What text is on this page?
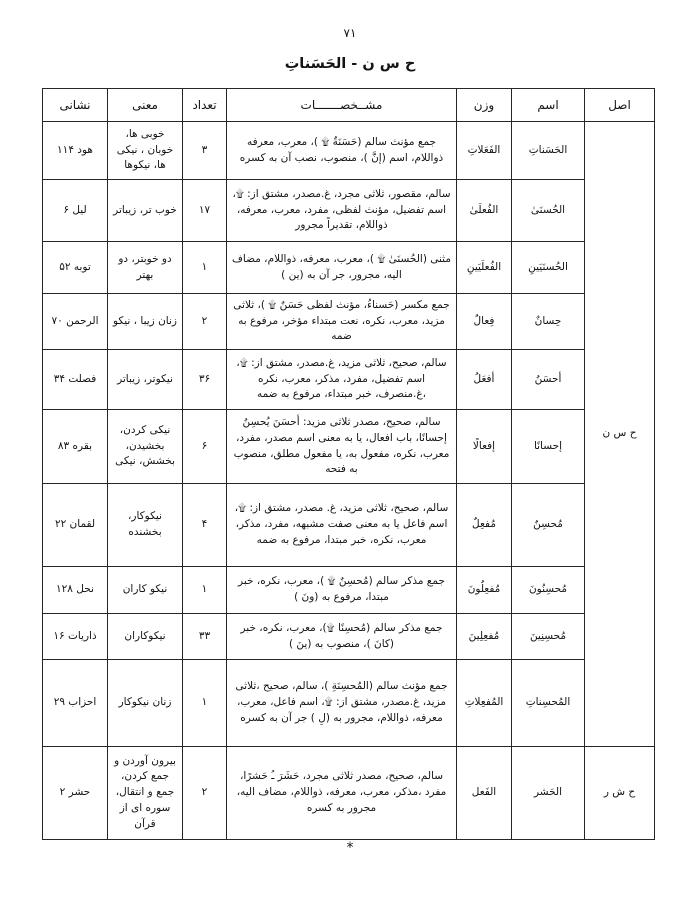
۷۱
ح س ن - الحَسَناتِ
اصل	اسم	وزن	مشــخصـــــــات	تعداد	معنى	نشانى
ح س ن	الحَسَناتِ	الفَعَلاتِ	جمع مؤنث سالم (حَسَنَةٌ ۩ )، معرب، معرفه ذواللام، اسم (إنَّ )، منصوب، نصب آن به كسره	۳	خوبى ها، خوبان ، نيكى ها، نيكوها	هود ۱۱۴
	الحُسنَىٰ	الفُعلَىٰ	سالم، مقصور، ثلاثى مجرد، غ.مصدر، مشتق از: ۩، اسم تفضيل، مؤنث لفظى، مفرد، معرب، معرفه، ذواللام، تقديراً مجرور	۱۷	خوب تر، زيباتر	ليل ۶
	الحُسنَيَينِ	الفُعلَيَينِ	مثنى (الحُسنَىٰ ۩ )، معرب، معرفه، ذواللام، مضاف اليه، مجرور، جر آن به (ين )	۱	دو خوبتر، دو بهتر	توبه ۵۲
	حِسانٌ	فِعالٌ	جمع مكسر (حَسناءُ، مؤنث لفظى حَسَنٌ ۩ )، ثلاثى مزيد، معرب، نكره، نعت مبتداء مؤخر، مرفوع به ضمه	۲	زنان زيبا ، نيكو	الرحمن ۷۰
	أحسَنُ	أفعَلُ	سالم، صحيح، ثلاثى مزيد، غ.مصدر، مشتق از: ۩، اسم تفضيل، مفرد، مذكر، معرب، نكره ،غ.منصرف، خبر مبتداء، مرفوع به ضمه	۳۶	نيكوتر، زيباتر	فصلت ۳۴
	إحسانًا	إفعالًا	سالم، صحيح، مصدر ثلاثى مزيد: أحسَنَ يُحسِنُ إحسانًا، باب افعال، يا به معنى اسم مصدر، مفرد، معرب، نكره، مفعول به، يا مفعول مطلق، منصوب به فتحه	۶	نيكى كردن، بخشيدن، بخشش، نيكى	بقره ۸۳
	مُحسِنٌ	مُفعِلٌ	سالم، صحيح، ثلاثى مزيد، غ. مصدر، مشتق از: ۩، اسم فاعل يا به معنى صفت مشبهه، مفرد، مذكر، معرب، نكره، خبر مبتدا، مرفوع به ضمه	۴	نيكوكار، بخشنده	لقمان ۲۲
	مُحسِنُونَ	مُفعِلُونَ	جمع مذكر سالم (مُحسِنٌ ۩ )، معرب، نكره، خبر مبتدا، مرفوع به (ونَ )	۱	نيكو كاران	نحل ۱۲۸
	مُحسِنِينَ	مُفعِلِينَ	جمع مذكر سالم (مُحسِنًا ۩)، معرب، نكره، خبر (كانَ )، منصوب به (ينَ )	۳۳	نيكوكاران	ذاريات ۱۶
	المُحسِناتِ	المُفعِلاتِ	جمع مؤنث سالم (المُحسِنَةِ )، سالم، صحيح ،ثلاثى مزيد، غ.مصدر، مشتق از: ۩، اسم فاعل، معرب، معرفه، ذواللام، مجرور به (لِ ) جر آن به كسره	۱	زنان نيكوكار	احزاب ۲۹
ح ش ر	الحَشر	الفَعل	سالم، صحيح، مصدر ثلاثى مجرد، حَشَرَ ـُ حَشرًا، مفرد ،مذكر، معرب، معرفه، ذواللام، مضاف اليه، مجرور به كسره	۲	بيرون آوردن و جمع كردن، جمع و انتقال، سوره اى از قرآن	حشر ۲
*
